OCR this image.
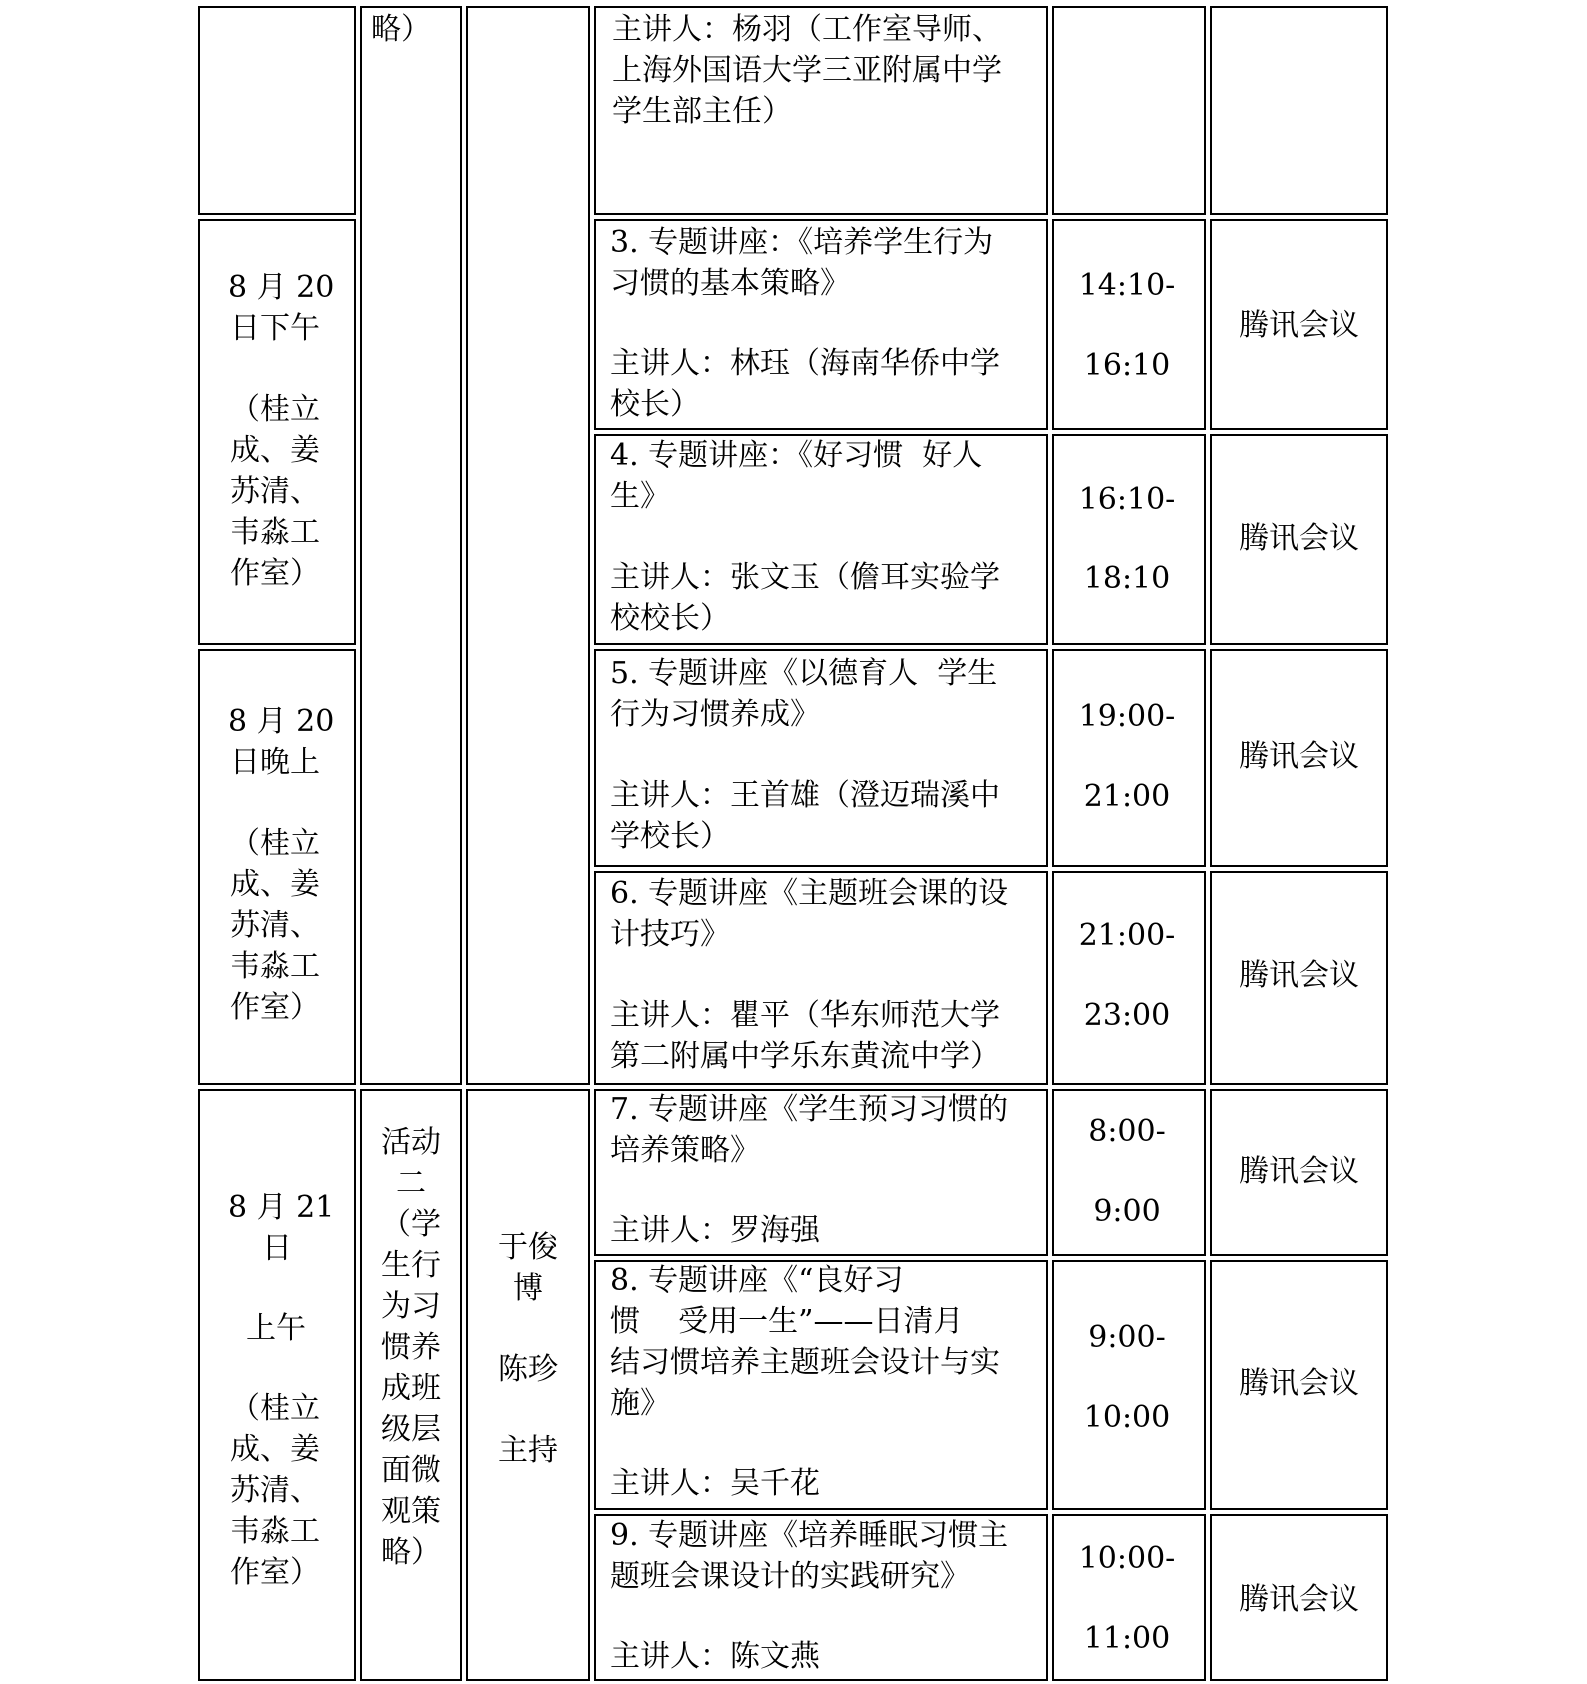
略）	主讲人：杨羽（工作室导师、
上海外国语大学三亚附属中学
学生部主任）
8 月 20
日下午
（桂立
成、姜
苏清、
韦淼工
作室）
3. 专题讲座：《培养学生行为
习惯的基本策略》
主讲人：林珏（海南华侨中学
校长）
14:10-
16:10
腾讯会议
4. 专题讲座：《好习惯  好人
生》
主讲人：张文玉（儋耳实验学
校校长）
16:10-
18:10
腾讯会议
8 月 20
日晚上
（桂立
成、姜
苏清、
韦淼工
作室）
5. 专题讲座《以德育人  学生
行为习惯养成》
主讲人：王首雄（澄迈瑞溪中
学校长）
19:00-
21:00
腾讯会议
6. 专题讲座《主题班会课的设
计技巧》
主讲人：瞿平（华东师范大学
第二附属中学乐东黄流中学）
21:00-
23:00
腾讯会议
8 月 21
日
上午
（桂立
成、姜
苏清、
韦淼工
作室）
活动
二
（学
生行
为习
惯养
成班
级层
面微
观策
略）
于俊
博
陈珍
主持
7. 专题讲座《学生预习习惯的
培养策略》
主讲人：罗海强
8:00-
9:00
腾讯会议
8. 专题讲座《“良好习
惯    受用一生”——日清月
结习惯培养主题班会设计与实
施》
主讲人：吴千花
9:00-
10:00
腾讯会议
9. 专题讲座《培养睡眠习惯主
题班会课设计的实践研究》
主讲人：陈文燕
10:00-
11:00
腾讯会议
